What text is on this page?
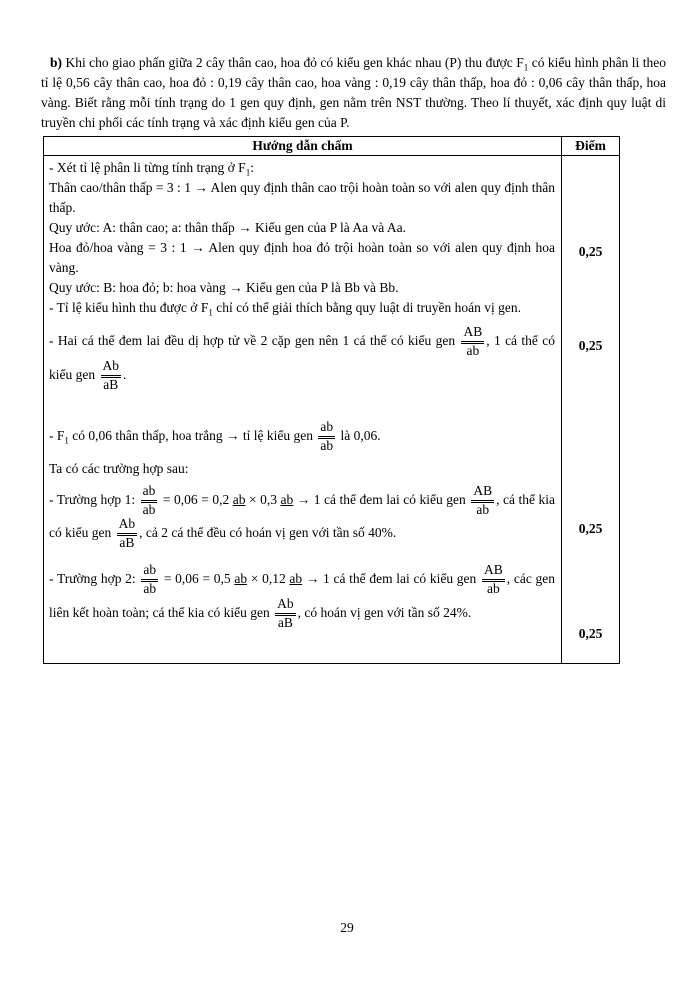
b) Khi cho giao phấn giữa 2 cây thân cao, hoa đỏ có kiểu gen khác nhau (P) thu được $F_1$ có kiểu hình phân li theo tỉ lệ 0,56 cây thân cao, hoa đỏ : 0,19 cây thân cao, hoa vàng : 0,19 cây thân thấp, hoa đỏ : 0,06 cây thân thấp, hoa vàng. Biết rằng mỗi tính trạng do 1 gen quy định, gen nằm trên NST thường. Theo lí thuyết, xác định quy luật di truyền chi phối các tính trạng và xác định kiểu gen của P.

Hướng dẫn chấm	Điểm

- Xét tỉ lệ phân li từng tính trạng ở $F_1$:

Thân cao/thân thấp = 3 : 1 → Alen quy định thân cao trội hoàn toàn so với alen quy định thân thấp.

Quy ước: A: thân cao; a: thân thấp → Kiểu gen của P là Aa và Aa.

Hoa đỏ/hoa vàng = 3 : 1 → Alen quy định hoa đỏ trội hoàn toàn so với alen quy định hoa vàng.

Quy ước: B: hoa đỏ; b: hoa vàng → Kiểu gen của P là Bb và Bb.

- Tỉ lệ kiểu hình thu được ở $F_1$ chỉ có thể giải thích bằng quy luật di truyền hoán vị gen.

0,25

- Hai cá thể đem lai đều dị hợp tử về 2 cặp gen nên 1 cá thể có kiểu gen $\frac{AB}{ab}$ , 1 cá thể có kiểu gen $\frac{Ab}{aB}$ .

0,25

- $F_1$ có 0,06 thân thấp, hoa trắng → tỉ lệ kiểu gen $\frac{ab}{ab}$ là 0,06.

Ta có các trường hợp sau:

- Trường hợp 1: $\frac{ab}{ab} = 0,06 = 0,2$ ab × 0,3 ab → 1 cá thể đem lai có kiểu gen $\frac{AB}{ab}$ , cá thể kia có kiểu gen $\frac{Ab}{aB}$ , cả 2 cá thể đều có hoán vị gen với tần số 40%.	0,25

- Trường hợp 2: $\frac{ab}{ab} = 0,06 = 0,5$ ab × 0,12 ab → 1 cá thể đem lai có kiểu gen $\frac{AB}{ab}$ , các gen liên kết hoàn toàn; cá thể kia có kiểu gen $\frac{Ab}{aB}$ , có hoán vị gen với tần số 24%.

0,25
29
